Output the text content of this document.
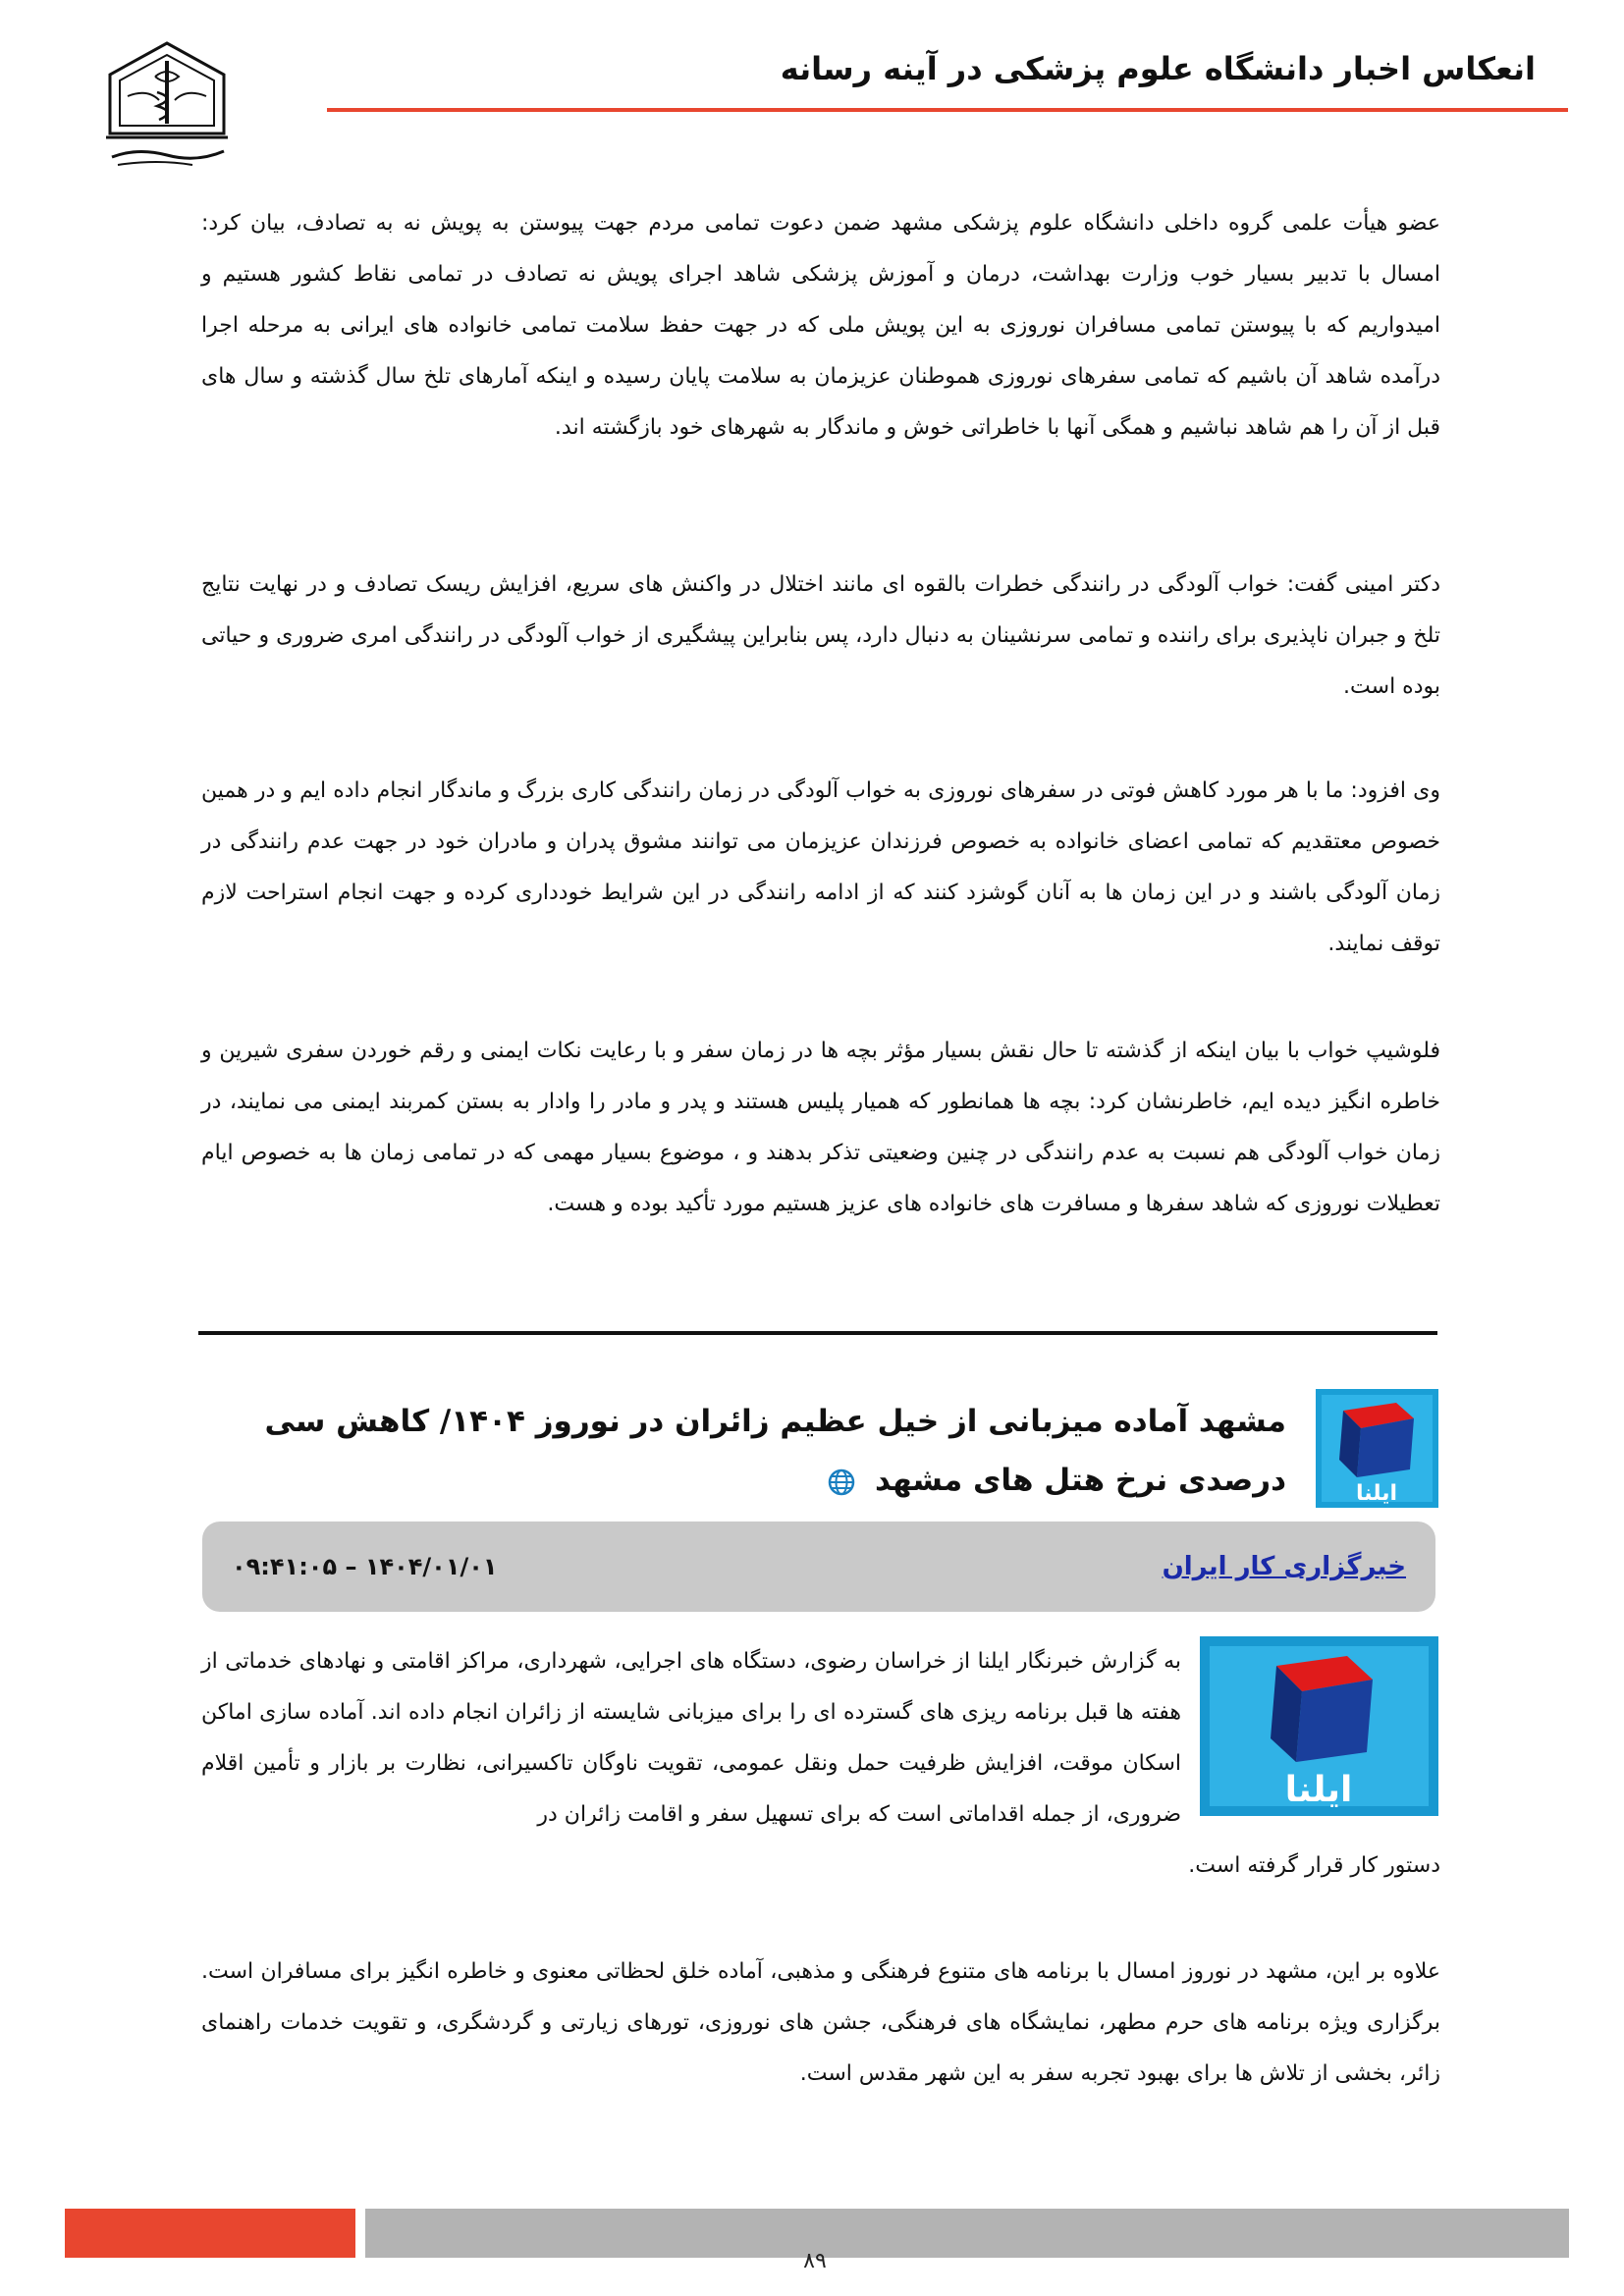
انعکاس اخبار دانشگاه علوم پزشکی در آینه رسانه

عضو هیأت علمی گروه داخلی دانشگاه علوم پزشکی مشهد ضمن دعوت تمامی مردم جهت پیوستن به پویش نه به تصادف، بیان کرد: امسال با تدبیر بسیار خوب وزارت بهداشت، درمان و آموزش پزشکی شاهد اجرای پویش نه تصادف در تمامی نقاط کشور هستیم و امیدواریم که با پیوستن تمامی مسافران نوروزی به این پویش ملی که در جهت حفظ سلامت تمامی خانواده های ایرانی به مرحله اجرا درآمده شاهد آن باشیم که تمامی سفرهای نوروزی هموطنان عزیزمان به سلامت پایان رسیده و اینکه آمارهای تلخ سال گذشته و سال های قبل از آن را هم شاهد نباشیم و همگی آنها با خاطراتی خوش و ماندگار به شهرهای خود بازگشته اند.

دکتر امینی گفت: خواب آلودگی در رانندگی خطرات بالقوه ای مانند اختلال در واکنش های سریع، افزایش ریسک تصادف و در نهایت نتایج تلخ و جبران ناپذیری برای راننده و تمامی سرنشینان به دنبال دارد، پس بنابراین پیشگیری از خواب آلودگی در رانندگی امری ضروری و حیاتی بوده است.

وی افزود: ما با هر مورد کاهش فوتی در سفرهای نوروزی به خواب آلودگی در زمان رانندگی کاری بزرگ و ماندگار انجام داده ایم و در همین خصوص معتقدیم که تمامی اعضای خانواده به خصوص فرزندان عزیزمان می توانند مشوق پدران و مادران خود در جهت عدم رانندگی در زمان آلودگی باشند و در این زمان ها به آنان گوشزد کنند که از ادامه رانندگی در این شرایط خودداری کرده و جهت انجام استراحت لازم توقف نمایند.

فلوشیپ خواب با بیان اینکه از گذشته تا حال نقش بسیار مؤثر بچه ها در زمان سفر و با رعایت نکات ایمنی و رقم خوردن سفری شیرین و خاطره انگیز دیده ایم، خاطرنشان کرد: بچه ها همانطور که همیار پلیس هستند و پدر و مادر را وادار به بستن کمربند ایمنی می نمایند، در زمان خواب آلودگی هم نسبت به عدم رانندگی در چنین وضعیتی تذکر بدهند و ، موضوع بسیار مهمی که در تمامی زمان ها به خصوص ایام تعطیلات نوروزی که شاهد سفرها و مسافرت های خانواده های عزیز هستیم مورد تأکید بوده و هست.

ایلنا
مشهد آماده میزبانی از خیل عظیم زائران در نوروز ۱۴۰۴/ کاهش سی درصدی نرخ هتل های مشهد
خبرگزاری کار ایران
۱۴۰۴/۰۱/۰۱ – ۰۹:۴۱:۰۵
ایلنا

به گزارش خبرنگار ایلنا از خراسان رضوی، دستگاه های اجرایی، شهرداری، مراکز اقامتی و نهادهای خدماتی از هفته ها قبل برنامه ریزی های گسترده ای را برای میزبانی شایسته از زائران انجام داده اند. آماده سازی اماکن اسکان موقت، افزایش ظرفیت حمل ونقل عمومی، تقویت ناوگان تاکسیرانی، نظارت بر بازار و تأمین اقلام ضروری، از جمله اقداماتی است که برای تسهیل سفر و اقامت زائران در

دستور کار قرار گرفته است.

علاوه بر این، مشهد در نوروز امسال با برنامه های متنوع فرهنگی و مذهبی، آماده خلق لحظاتی معنوی و خاطره انگیز برای مسافران است. برگزاری ویژه برنامه های حرم مطهر، نمایشگاه های فرهنگی، جشن های نوروزی، تورهای زیارتی و گردشگری، و تقویت خدمات راهنمای زائر، بخشی از تلاش ها برای بهبود تجربه سفر به این شهر مقدس است.

۸۹
